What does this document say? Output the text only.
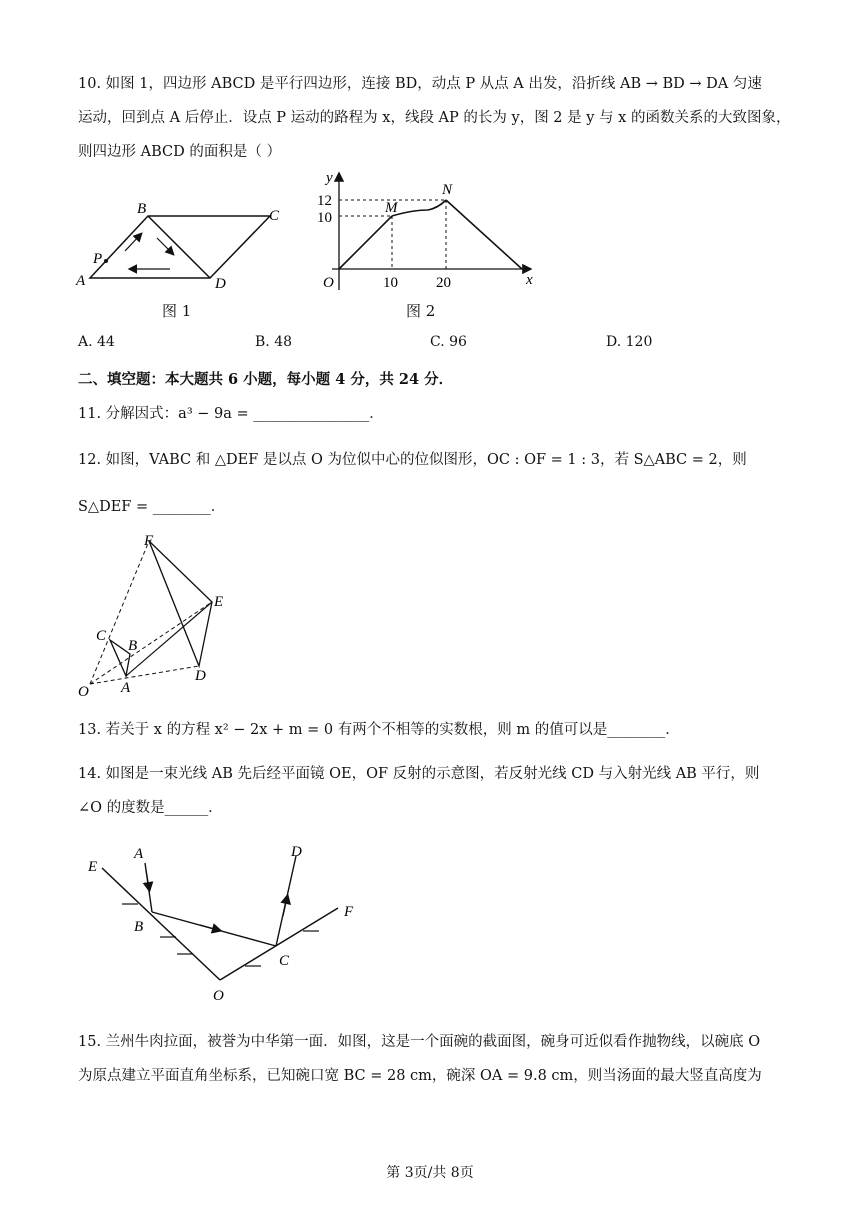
10. 如图 1，四边形 ABCD 是平行四边形，连接 BD，动点 P 从点 A 出发，沿折线 AB → BD → DA 匀速
运动，回到点 A 后停止．设点 P 运动的路程为 x，线段 AP 的长为 y，图 2 是 y 与 x 的函数关系的大致图象，
则四边形 ABCD 的面积是（ ）
A
B	C
D
P
图 1
y
x
O
M
N
12
10
10	20
图 2
A. 44	B. 48	C. 96	D. 120
二、填空题：本大题共 6 小题，每小题 4 分，共 24 分．
11. 分解因式：a³ − 9a = ________________．
12. 如图，VABC 和 △DEF 是以点 O 为位似中心的位似图形，OC : OF = 1 : 3，若 S△ABC = 2，则
S△DEF = ________．
F
E
C
B
D
O A
13. 若关于 x 的方程 x² − 2x + m = 0 有两个不相等的实数根，则 m 的值可以是________．
14. 如图是一束光线 AB 先后经平面镜 OE，OF 反射的示意图，若反射光线 CD 与入射光线 AB 平行，则
∠O 的度数是______．
E
A
B
O
C
D
F
15. 兰州牛肉拉面，被誉为中华第一面．如图，这是一个面碗的截面图，碗身可近似看作抛物线，以碗底 O
为原点建立平面直角坐标系，已知碗口宽 BC = 28 cm，碗深 OA = 9.8 cm，则当汤面的最大竖直高度为
第 3页/共 8页
